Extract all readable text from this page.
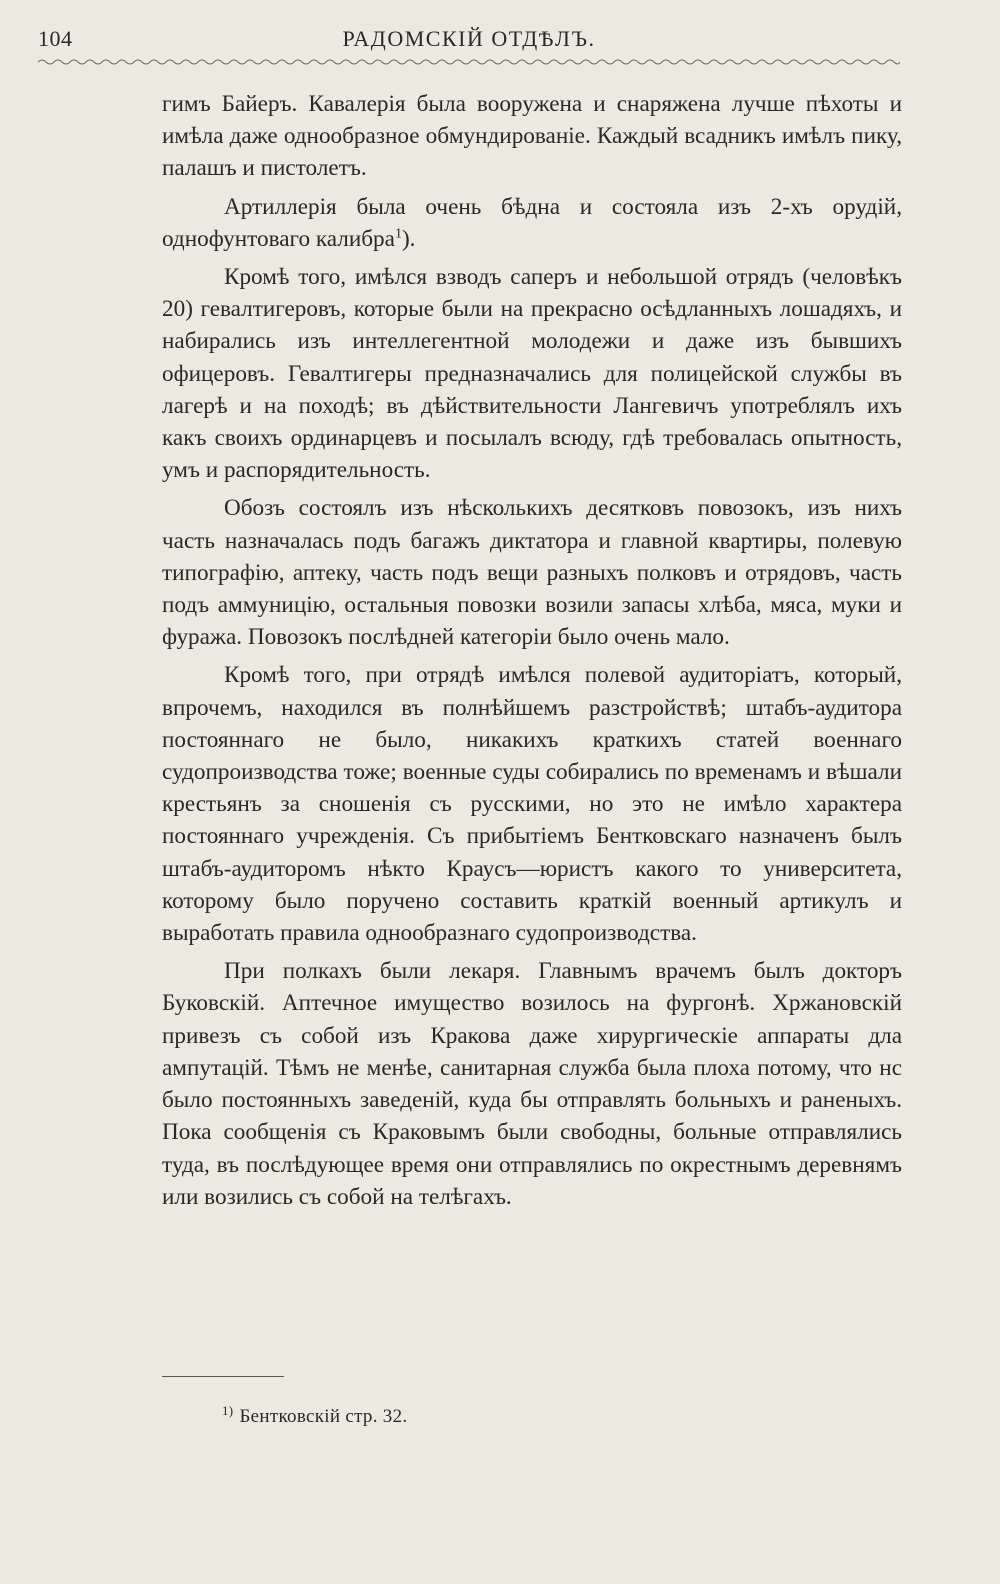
104	РАДОМСКІЙ ОТДѢЛЪ.

гимъ Байеръ. Кавалерія была вооружена и снаряжена лучше пѣхоты и имѣла даже однообразное обмундированіе. Каждый всадникъ имѣлъ пику, палашъ и пистолетъ.

Артиллерія была очень бѣдна и состояла изъ 2-хъ орудій, однофунтоваго калибра$^1$).

Кромѣ того, имѣлся взводъ саперъ и небольшой отрядъ (человѣкъ 20) гевалтигеровъ, которые были на прекрасно осѣдланныхъ лошадяхъ, и набирались изъ интеллегентной молодежи и даже изъ бывшихъ офицеровъ. Гевалтигеры предназначались для полицейской службы въ лагерѣ и на походѣ; въ дѣйствительности Лангевичъ употреблялъ ихъ какъ своихъ ординарцевъ и посылалъ всюду, гдѣ требовалась опытность, умъ и распорядительность.

Обозъ состоялъ изъ нѣсколькихъ десятковъ повозокъ, изъ нихъ часть назначалась подъ багажъ диктатора и главной квартиры, полевую типографію, аптеку, часть подъ вещи разныхъ полковъ и отрядовъ, часть подъ аммуницію, остальныя повозки возили запасы хлѣба, мяса, муки и фуража. Повозокъ послѣдней категоріи было очень мало.

Кромѣ того, при отрядѣ имѣлся полевой аудиторіатъ, который, впрочемъ, находился въ полнѣйшемъ разстройствѣ; штабъ-аудитора постояннаго не было, никакихъ краткихъ статей военнаго судопроизводства тоже; военные суды собирались по временамъ и вѣшали крестьянъ за сношенія съ русскими, но это не имѣло характера постояннаго учрежденія. Съ прибытіемъ Бентковскаго назначенъ былъ штабъ-аудиторомъ нѣкто Краусъ—юристъ какого то университета, которому было поручено составить краткій военный артикулъ и выработать правила однообразнаго судопроизводства.

При полкахъ были лекаря. Главнымъ врачемъ былъ докторъ Буковскій. Аптечное имущество возилось на фургонѣ. Хржановскій привезъ съ собой изъ Кракова даже хирургическіе аппараты дла ампутацій. Тѣмъ не менѣе, санитарная служба была плоха потому, что нс было постоянныхъ заведеній, куда бы отправлять больныхъ и раненыхъ. Пока сообщенія съ Краковымъ были свободны, больные отправлялись туда, въ послѣдующее время они отправлялись по окрестнымъ деревнямъ или возились съ собой на телѣгахъ.

$^{1)}$ Бентковскій стр. 32.
